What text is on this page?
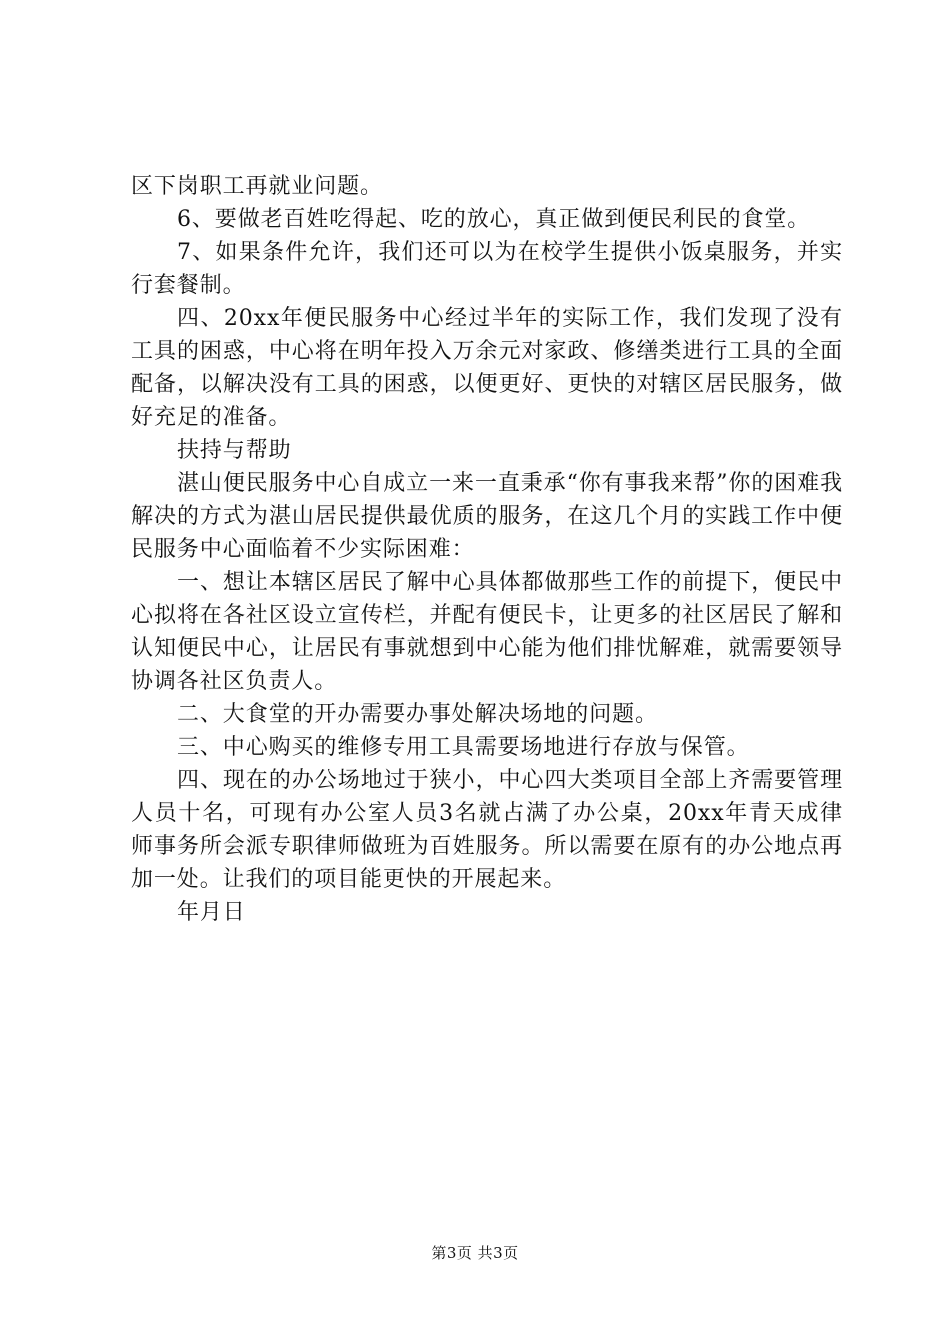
区下岗职工再就业问题。

6、要做老百姓吃得起、吃的放心，真正做到便民利民的食堂。

7、如果条件允许，我们还可以为在校学生提供小饭桌服务，并实行套餐制。

四、20xx年便民服务中心经过半年的实际工作，我们发现了没有工具的困惑，中心将在明年投入万余元对家政、修缮类进行工具的全面配备，以解决没有工具的困惑，以便更好、更快的对辖区居民服务，做好充足的准备。

扶持与帮助

湛山便民服务中心自成立一来一直秉承“你有事我来帮”你的困难我解决的方式为湛山居民提供最优质的服务，在这几个月的实践工作中便民服务中心面临着不少实际困难：

一、想让本辖区居民了解中心具体都做那些工作的前提下，便民中心拟将在各社区设立宣传栏，并配有便民卡，让更多的社区居民了解和认知便民中心，让居民有事就想到中心能为他们排忧解难，就需要领导协调各社区负责人。

二、大食堂的开办需要办事处解决场地的问题。

三、中心购买的维修专用工具需要场地进行存放与保管。

四、现在的办公场地过于狭小，中心四大类项目全部上齐需要管理人员十名，可现有办公室人员3名就占满了办公桌，20xx年青天成律师事务所会派专职律师做班为百姓服务。所以需要在原有的办公地点再加一处。让我们的项目能更快的开展起来。

年月日

第3页 共3页
